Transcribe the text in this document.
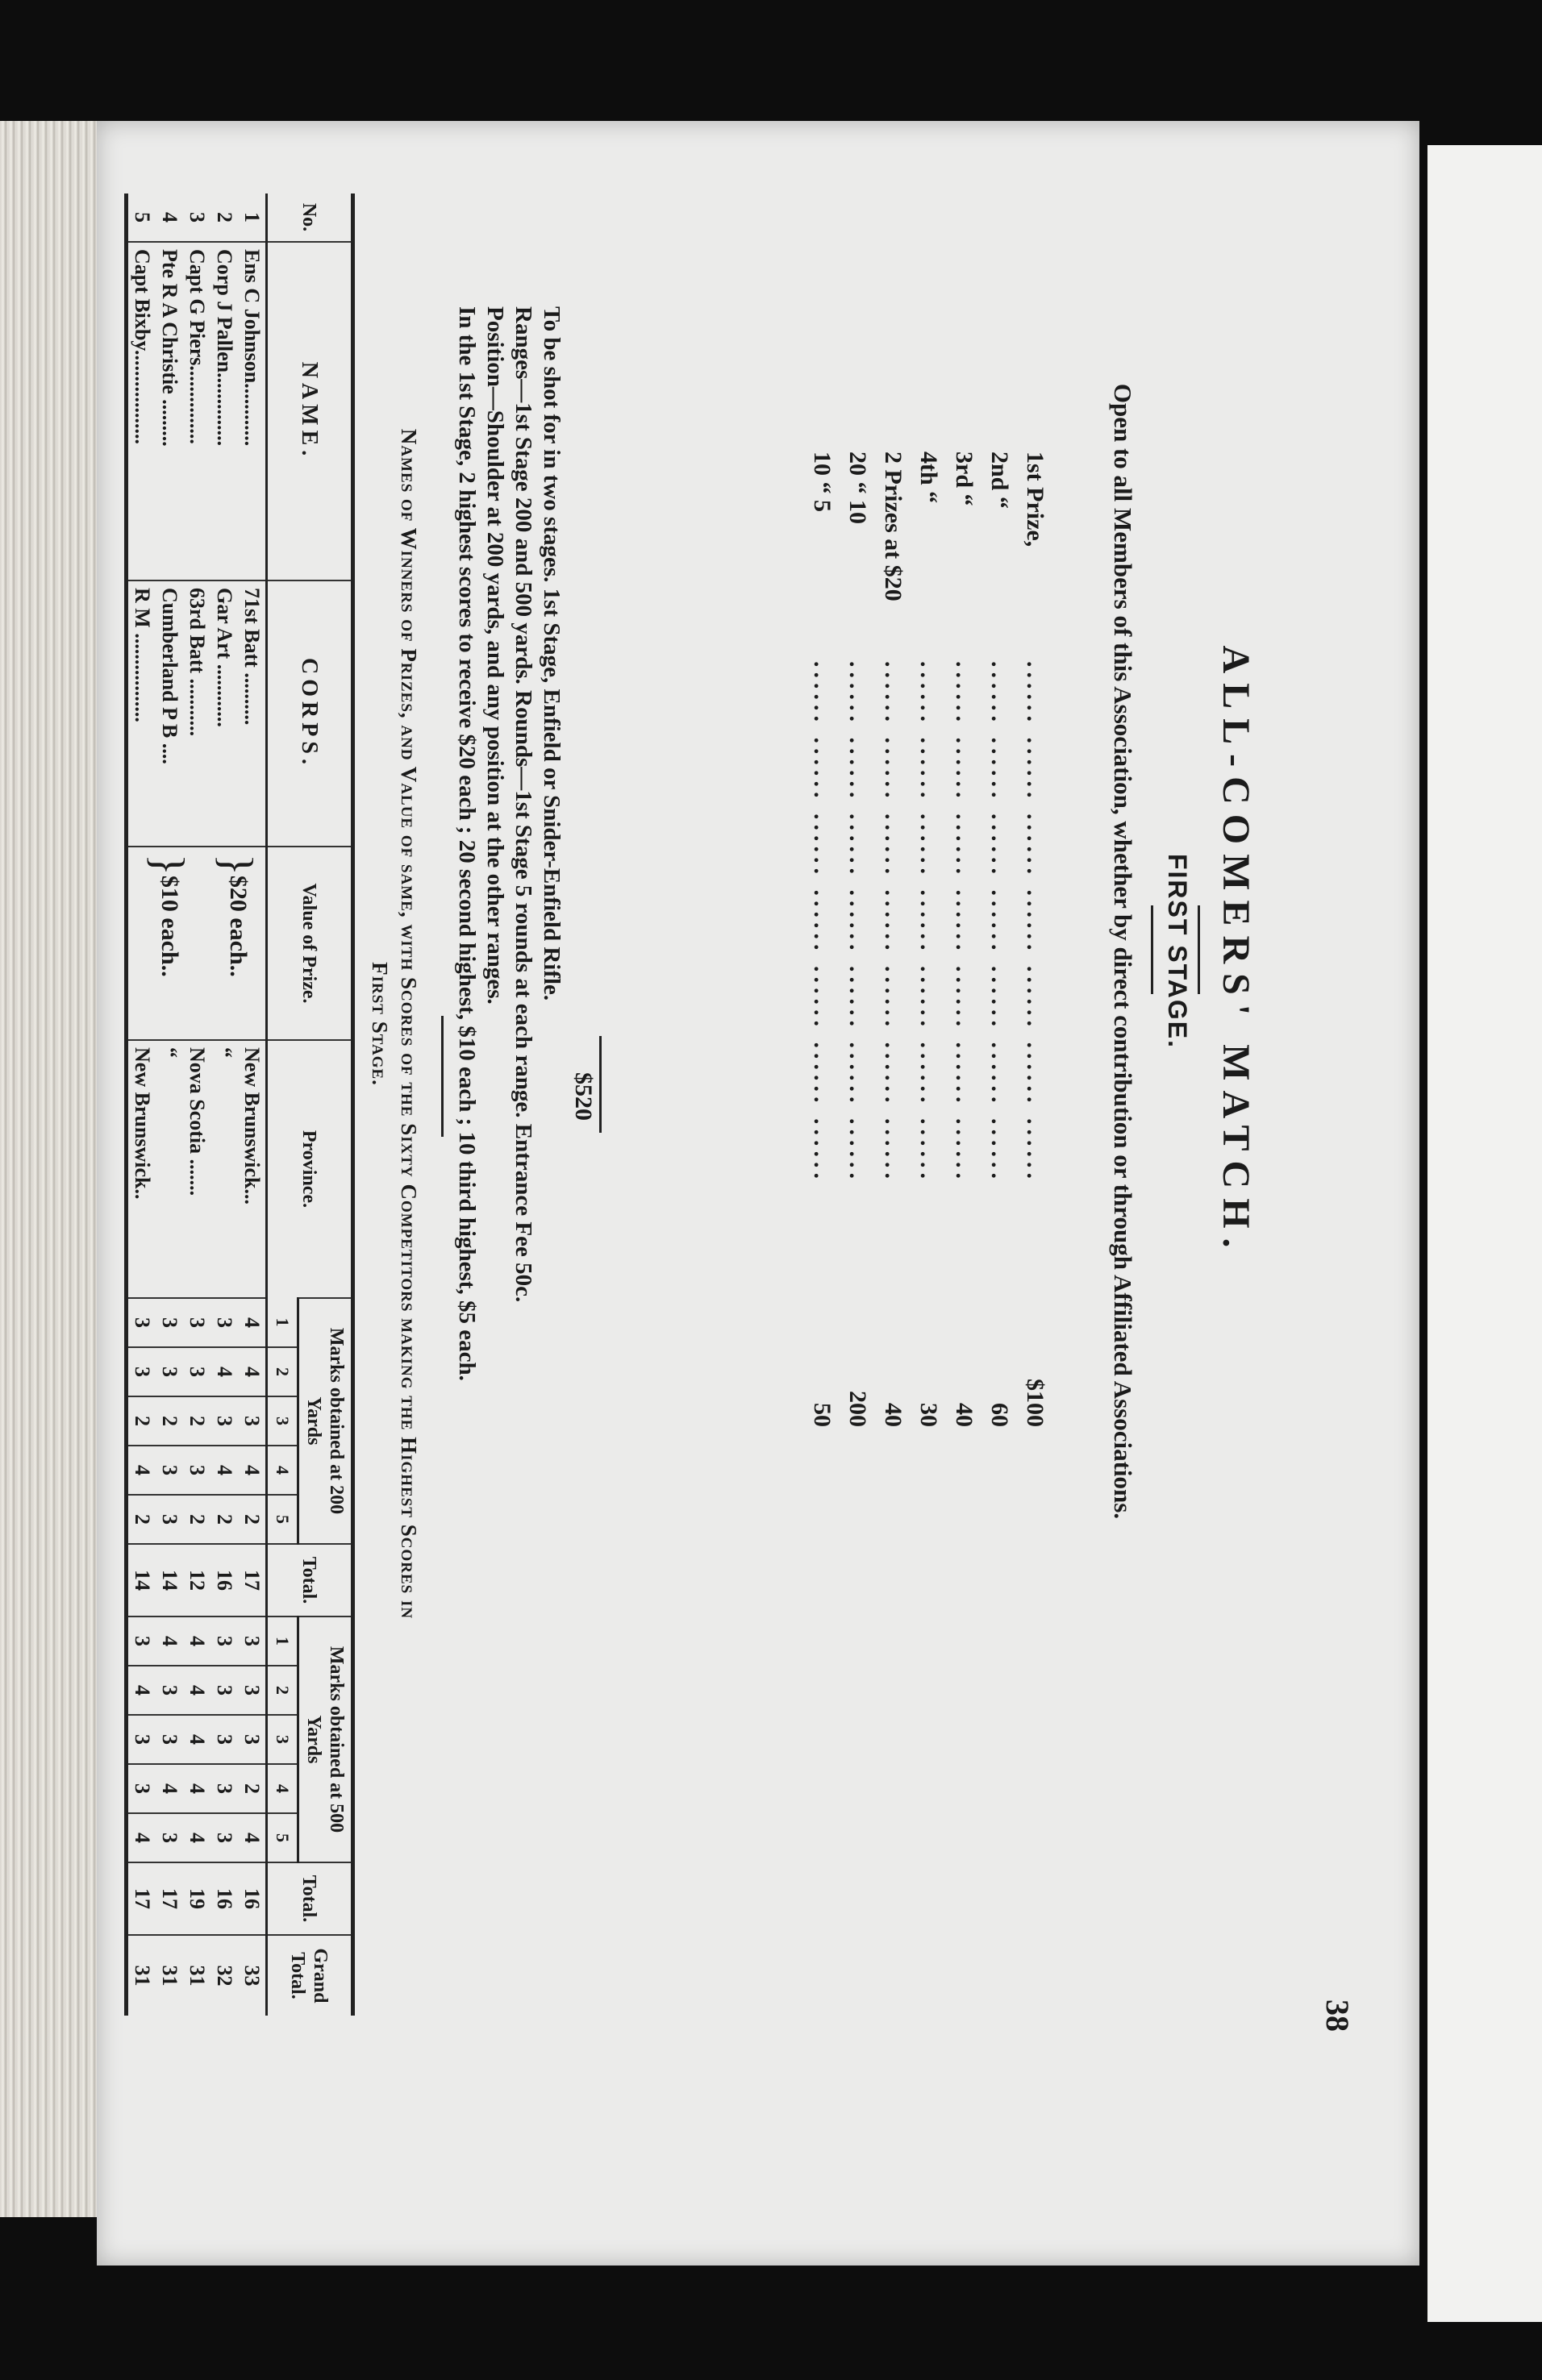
38
ALL-COMERS' MATCH.
FIRST STAGE.
Open to all Members of this Association, whether by direct contribution or through Affiliated Associations.
1st Prize,
...... ...... ...... ...... ...... ...... ......
$100
2nd “
...... ...... ...... ...... ...... ...... ......
60
3rd “
...... ...... ...... ...... ...... ...... ......
40
4th “
...... ...... ...... ...... ...... ...... ......
30
2 Prizes at $20
...... ...... ...... ...... ...... ...... ......
40
20 “ 10
...... ...... ...... ...... ...... ...... ......
200
10 “ 5
...... ...... ...... ...... ...... ...... ......
50
$520
To be shot for in two stages. 1st Stage, Enfield or Snider-Enfield Rifle.
Ranges—1st Stage 200 and 500 yards. Rounds—1st Stage 5 rounds at each range. Entrance Fee 50c.
Position—Shoulder at 200 yards, and any position at the other ranges.
In the 1st Stage, 2 highest scores to receive $20 each ; 20 second highest, $10 each ; 10 third highest, $5 each.
Names of Winners of Prizes, and Value of same, with Scores of the Sixty Competitors making the Highest Scores in
First Stage.
No.	NAME.	CORPS.	Value of Prize.	Province.	Marks obtained at 200 Yards					Total.	Marks obtained at 500 Yards					Total.	Grand Total.
					1	2	3	4	5		1	2	3	4	5		
1	Ens C Johnson............	71st Batt ..........	}$20 each..	New Brunswick...	4	4	3	4	2	17	3	3	3	2	4	16	33
2	Corp J Pallen..............	Gar Art ............		“	3	4	3	4	2	16	3	3	3	3	3	16	32
3	Capt G Piers...............	63rd Batt ...........	}$10 each..	Nova Scotia .......	3	3	2	3	2	12	4	4	4	4	4	19	31
4	Pte R A Christie .........	Cumberland P B ....		“	3	3	2	3	3	14	4	3	3	4	3	17	31
5	Capt Bixby..................	R M .................		New Brunswick..	3	3	2	4	2	14	3	4	3	3	4	17	31
